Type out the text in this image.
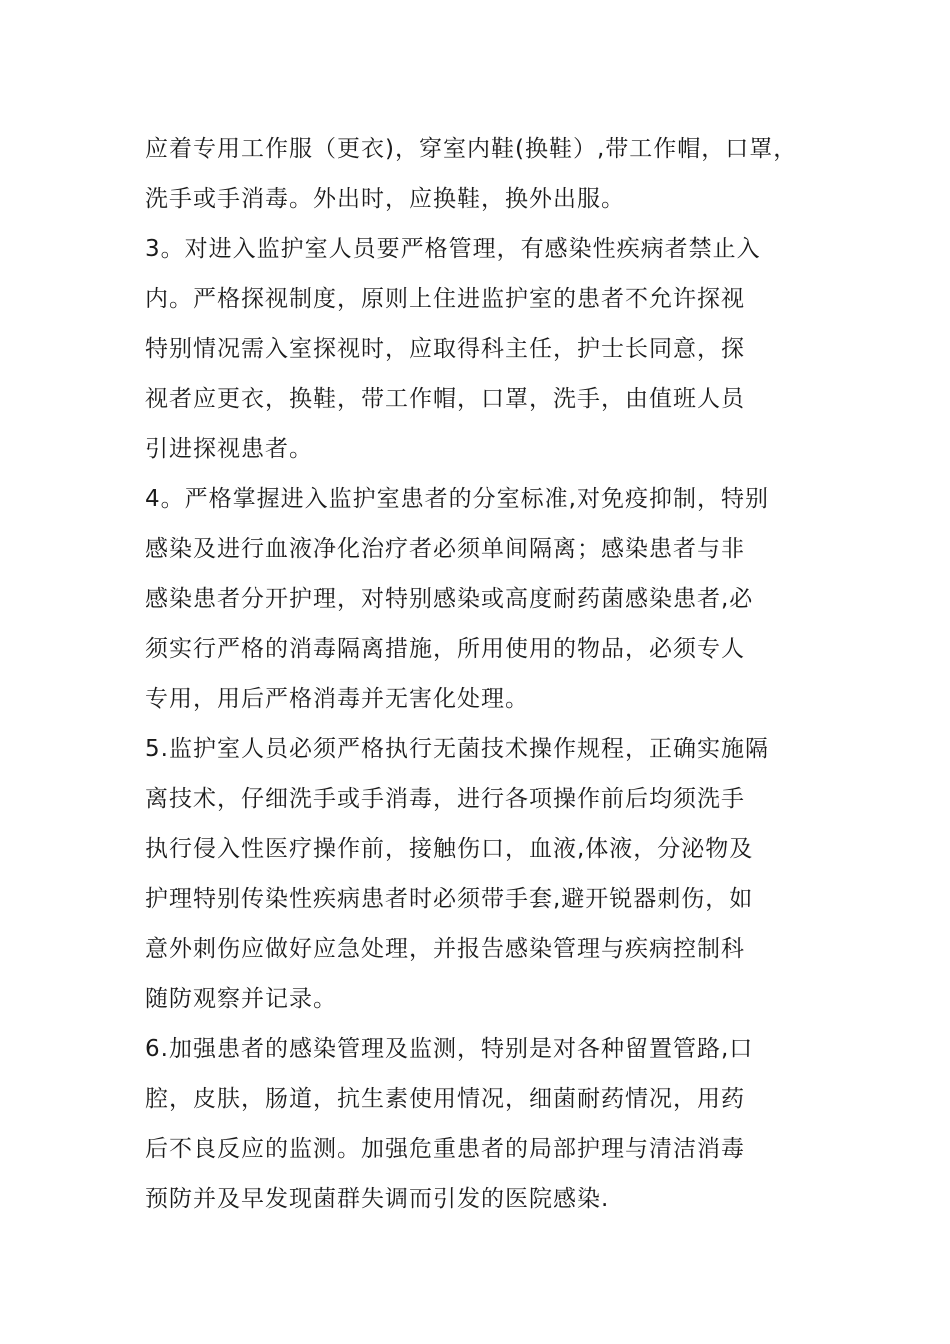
应着专用工作服（更衣)，穿室内鞋(换鞋）,带工作帽，口罩，
洗手或手消毒。外出时，应换鞋，换外出服。
3。对进入监护室人员要严格管理，有感染性疾病者禁止入
内。严格探视制度，原则上住进监护室的患者不允许探视
特别情况需入室探视时，应取得科主任，护士长同意，探
视者应更衣，换鞋，带工作帽，口罩，洗手，由值班人员
引进探视患者。
4。严格掌握进入监护室患者的分室标准,对免疫抑制，特别
感染及进行血液净化治疗者必须单间隔离；感染患者与非
感染患者分开护理，对特别感染或高度耐药菌感染患者,必
须实行严格的消毒隔离措施，所用使用的物品，必须专人
专用，用后严格消毒并无害化处理。
5.监护室人员必须严格执行无菌技术操作规程，正确实施隔
离技术，仔细洗手或手消毒，进行各项操作前后均须洗手
执行侵入性医疗操作前，接触伤口，血液,体液，分泌物及
护理特别传染性疾病患者时必须带手套,避开锐器刺伤，如
意外刺伤应做好应急处理，并报告感染管理与疾病控制科
随防观察并记录。
6.加强患者的感染管理及监测，特别是对各种留置管路,口
腔，皮肤，肠道，抗生素使用情况，细菌耐药情况，用药
后不良反应的监测。加强危重患者的局部护理与清洁消毒
预防并及早发现菌群失调而引发的医院感染.
